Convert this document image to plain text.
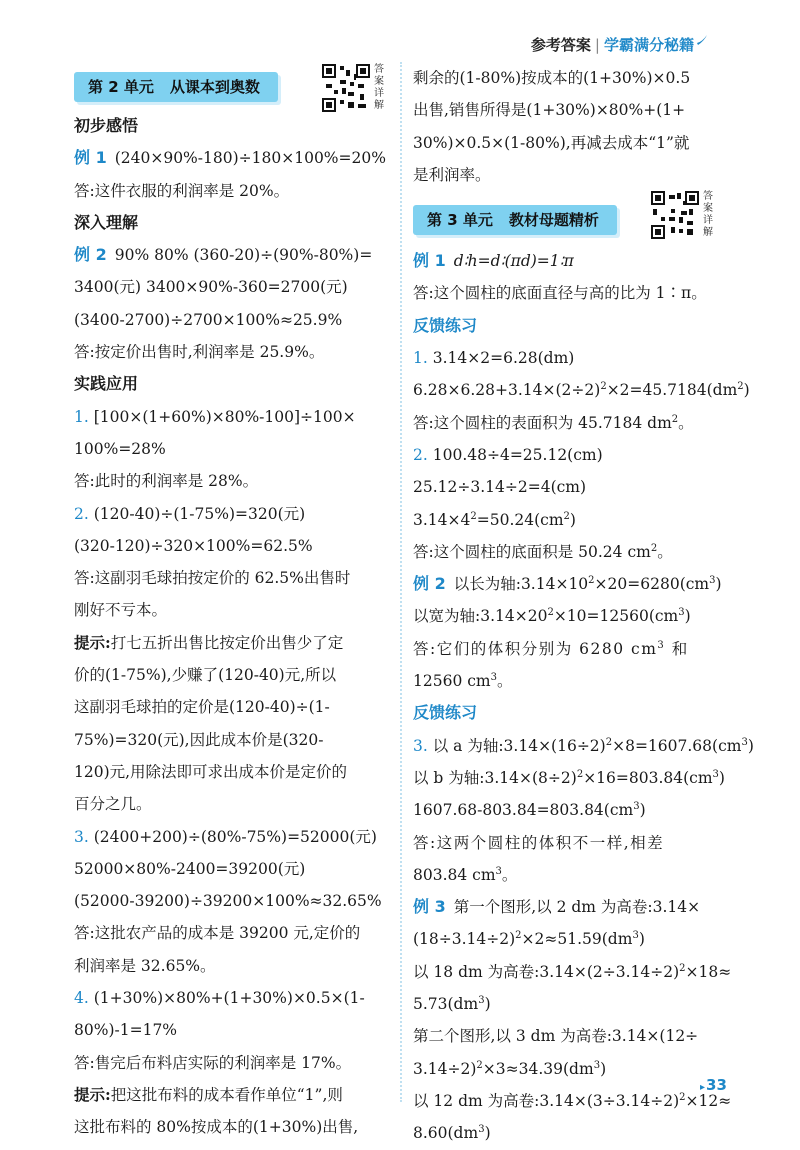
参考答案 | 学霸满分秘籍
第 2 单元 从课本到奥数
答
案
详
解
初步感悟
例 1 (240×90%-180)÷180×100%=20%
答:这件衣服的利润率是 20%。
深入理解
例 2 90% 80% (360-20)÷(90%-80%)=
3400(元) 3400×90%-360=2700(元)
(3400-2700)÷2700×100%≈25.9%
答:按定价出售时,利润率是 25.9%。
实践应用
1. [100×(1+60%)×80%-100]÷100×
100%=28%
答:此时的利润率是 28%。
2. (120-40)÷(1-75%)=320(元)
(320-120)÷320×100%=62.5%
答:这副羽毛球拍按定价的 62.5%出售时
刚好不亏本。
提示:打七五折出售比按定价出售少了定
价的(1-75%),少赚了(120-40)元,所以
这副羽毛球拍的定价是(120-40)÷(1-
75%)=320(元),因此成本价是(320-
120)元,用除法即可求出成本价是定价的
百分之几。
3. (2400+200)÷(80%-75%)=52000(元)
52000×80%-2400=39200(元)
(52000-39200)÷39200×100%≈32.65%
答:这批农产品的成本是 39200 元,定价的
利润率是 32.65%。
4. (1+30%)×80%+(1+30%)×0.5×(1-
80%)-1=17%
答:售完后布料店实际的利润率是 17%。
提示:把这批布料的成本看作单位“1”,则
这批布料的 80%按成本的(1+30%)出售,
剩余的(1-80%)按成本的(1+30%)×0.5
出售,销售所得是(1+30%)×80%+(1+
30%)×0.5×(1-80%),再减去成本“1”就
是利润率。
第 3 单元 教材母题精析
答
案
详
解
例 1 d∶h=d∶(πd)=1∶π
答:这个圆柱的底面直径与高的比为 1∶π。
反馈练习
1. 3.14×2=6.28(dm)
$6.28\times 6.28+3.14\times(2\div 2)^2\times 2=45.7184(dm^2)$
答:这个圆柱的表面积为 45.7184 $dm^2$。
2. 100.48÷4=25.12(cm)
25.12÷3.14÷2=4(cm)
$3.14\times 4^2=50.24(cm^2)$
答:这个圆柱的底面积是 50.24 $cm^2$。
例 2 以长为轴$:3.14\times 10^2\times 20=6280(cm^3)$
以宽为轴$:3.14\times 20^2\times 10=12560(cm^3)$
答:它们的体积分别为 6280 $cm^3$ 和
12560 $cm^3$。
反馈练习
3. 以 a 为轴$:3.14\times(16\div 2)^2\times 8=1607.68(cm^3)$
以 b 为轴$:3.14\times(8\div 2)^2\times 16=803.84(cm^3)$
$1607.68-803.84=803.84(cm^3)$
答:这两个圆柱的体积不一样,相差
803.84 $cm^3$。
例 3 第一个图形,以 2 dm 为高卷:3.14×
$(18\div 3.14\div 2)^2\times 2\approx 51.59(dm^3)$
以 18 dm 为高卷$:3.14\times(2\div 3.14\div 2)^2\times 18\approx$
$5.73(dm^3)$
第二个图形,以 3 dm 为高卷:3.14×(12÷
$3.14\div 2)^2\times 3\approx 34.39(dm^3)$
以 12 dm 为高卷$:3.14\times(3\div 3.14\div 2)^2\times 12\approx$
$8.60(dm^3)$
▸33
